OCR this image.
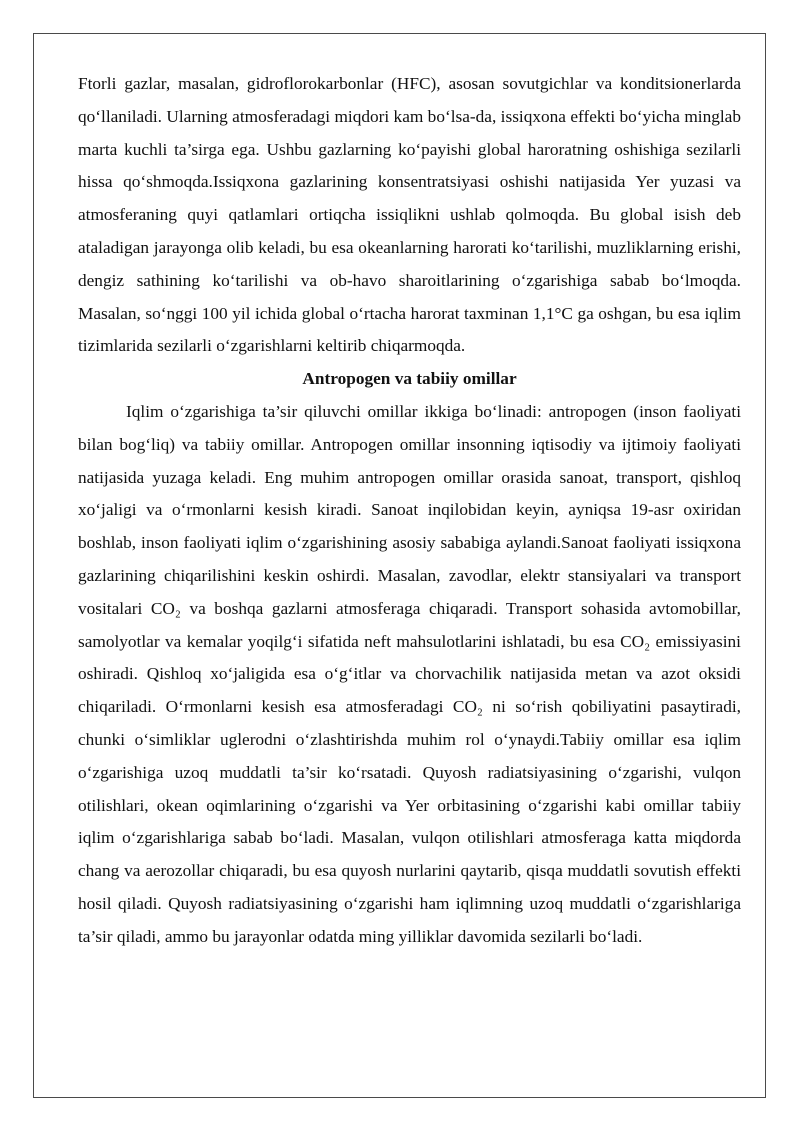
Ftorli gazlar, masalan, gidroflorokarbonlar (HFC), asosan sovutgichlar va konditsionerlarda qo‘llaniladi. Ularning atmosferadagi miqdori kam bo‘lsa-da, issiqxona effekti bo‘yicha minglab marta kuchli ta’sirga ega. Ushbu gazlarning ko‘payishi global haroratning oshishiga sezilarli hissa qo‘shmoqda.Issiqxona gazlarining konsentratsiyasi oshishi natijasida Yer yuzasi va atmosferaning quyi qatlamlari ortiqcha issiqlikni ushlab qolmoqda. Bu global isish deb ataladigan jarayonga olib keladi, bu esa okeanlarning harorati ko‘tarilishi, muzliklarning erishi, dengiz sathining ko‘tarilishi va ob-havo sharoitlarining o‘zgarishiga sabab bo‘lmoqda. Masalan, so‘nggi 100 yil ichida global o‘rtacha harorat taxminan 1,1°C ga oshgan, bu esa iqlim tizimlarida sezilarli o‘zgarishlarni keltirib chiqarmoqda.

Antropogen va tabiiy omillar

Iqlim o‘zgarishiga ta’sir qiluvchi omillar ikkiga bo‘linadi: antropogen (inson faoliyati bilan bog‘liq) va tabiiy omillar. Antropogen omillar insonning iqtisodiy va ijtimoiy faoliyati natijasida yuzaga keladi. Eng muhim antropogen omillar orasida sanoat, transport, qishloq xo‘jaligi va o‘rmonlarni kesish kiradi. Sanoat inqilobidan keyin, ayniqsa 19-asr oxiridan boshlab, inson faoliyati iqlim o‘zgarishining asosiy sababiga aylandi.Sanoat faoliyati issiqxona gazlarining chiqarilishini keskin oshirdi. Masalan, zavodlar, elektr stansiyalari va transport vositalari CO₂ va boshqa gazlarni atmosferaga chiqaradi. Transport sohasida avtomobillar, samolyotlar va kemalar yoqilg‘i sifatida neft mahsulotlarini ishlatadi, bu esa CO₂ emissiyasini oshiradi. Qishloq xo‘jaligida esa o‘g‘itlar va chorvachilik natijasida metan va azot oksidi chiqariladi. O‘rmonlarni kesish esa atmosferadagi CO₂ ni so‘rish qobiliyatini pasaytiradi, chunki o‘simliklar uglerodni o‘zlashtirishda muhim rol o‘ynaydi.Tabiiy omillar esa iqlim o‘zgarishiga uzoq muddatli ta’sir ko‘rsatadi. Quyosh radiatsiyasining o‘zgarishi, vulqon otilishlari, okean oqimlarining o‘zgarishi va Yer orbitasining o‘zgarishi kabi omillar tabiiy iqlim o‘zgarishlariga sabab bo‘ladi. Masalan, vulqon otilishlari atmosferaga katta miqdorda chang va aerozollar chiqaradi, bu esa quyosh nurlarini qaytarib, qisqa muddatli sovutish effekti hosil qiladi. Quyosh radiatsiyasining o‘zgarishi ham iqlimning uzoq muddatli o‘zgarishlariga ta’sir qiladi, ammo bu jarayonlar odatda ming yilliklar davomida sezilarli bo‘ladi.
